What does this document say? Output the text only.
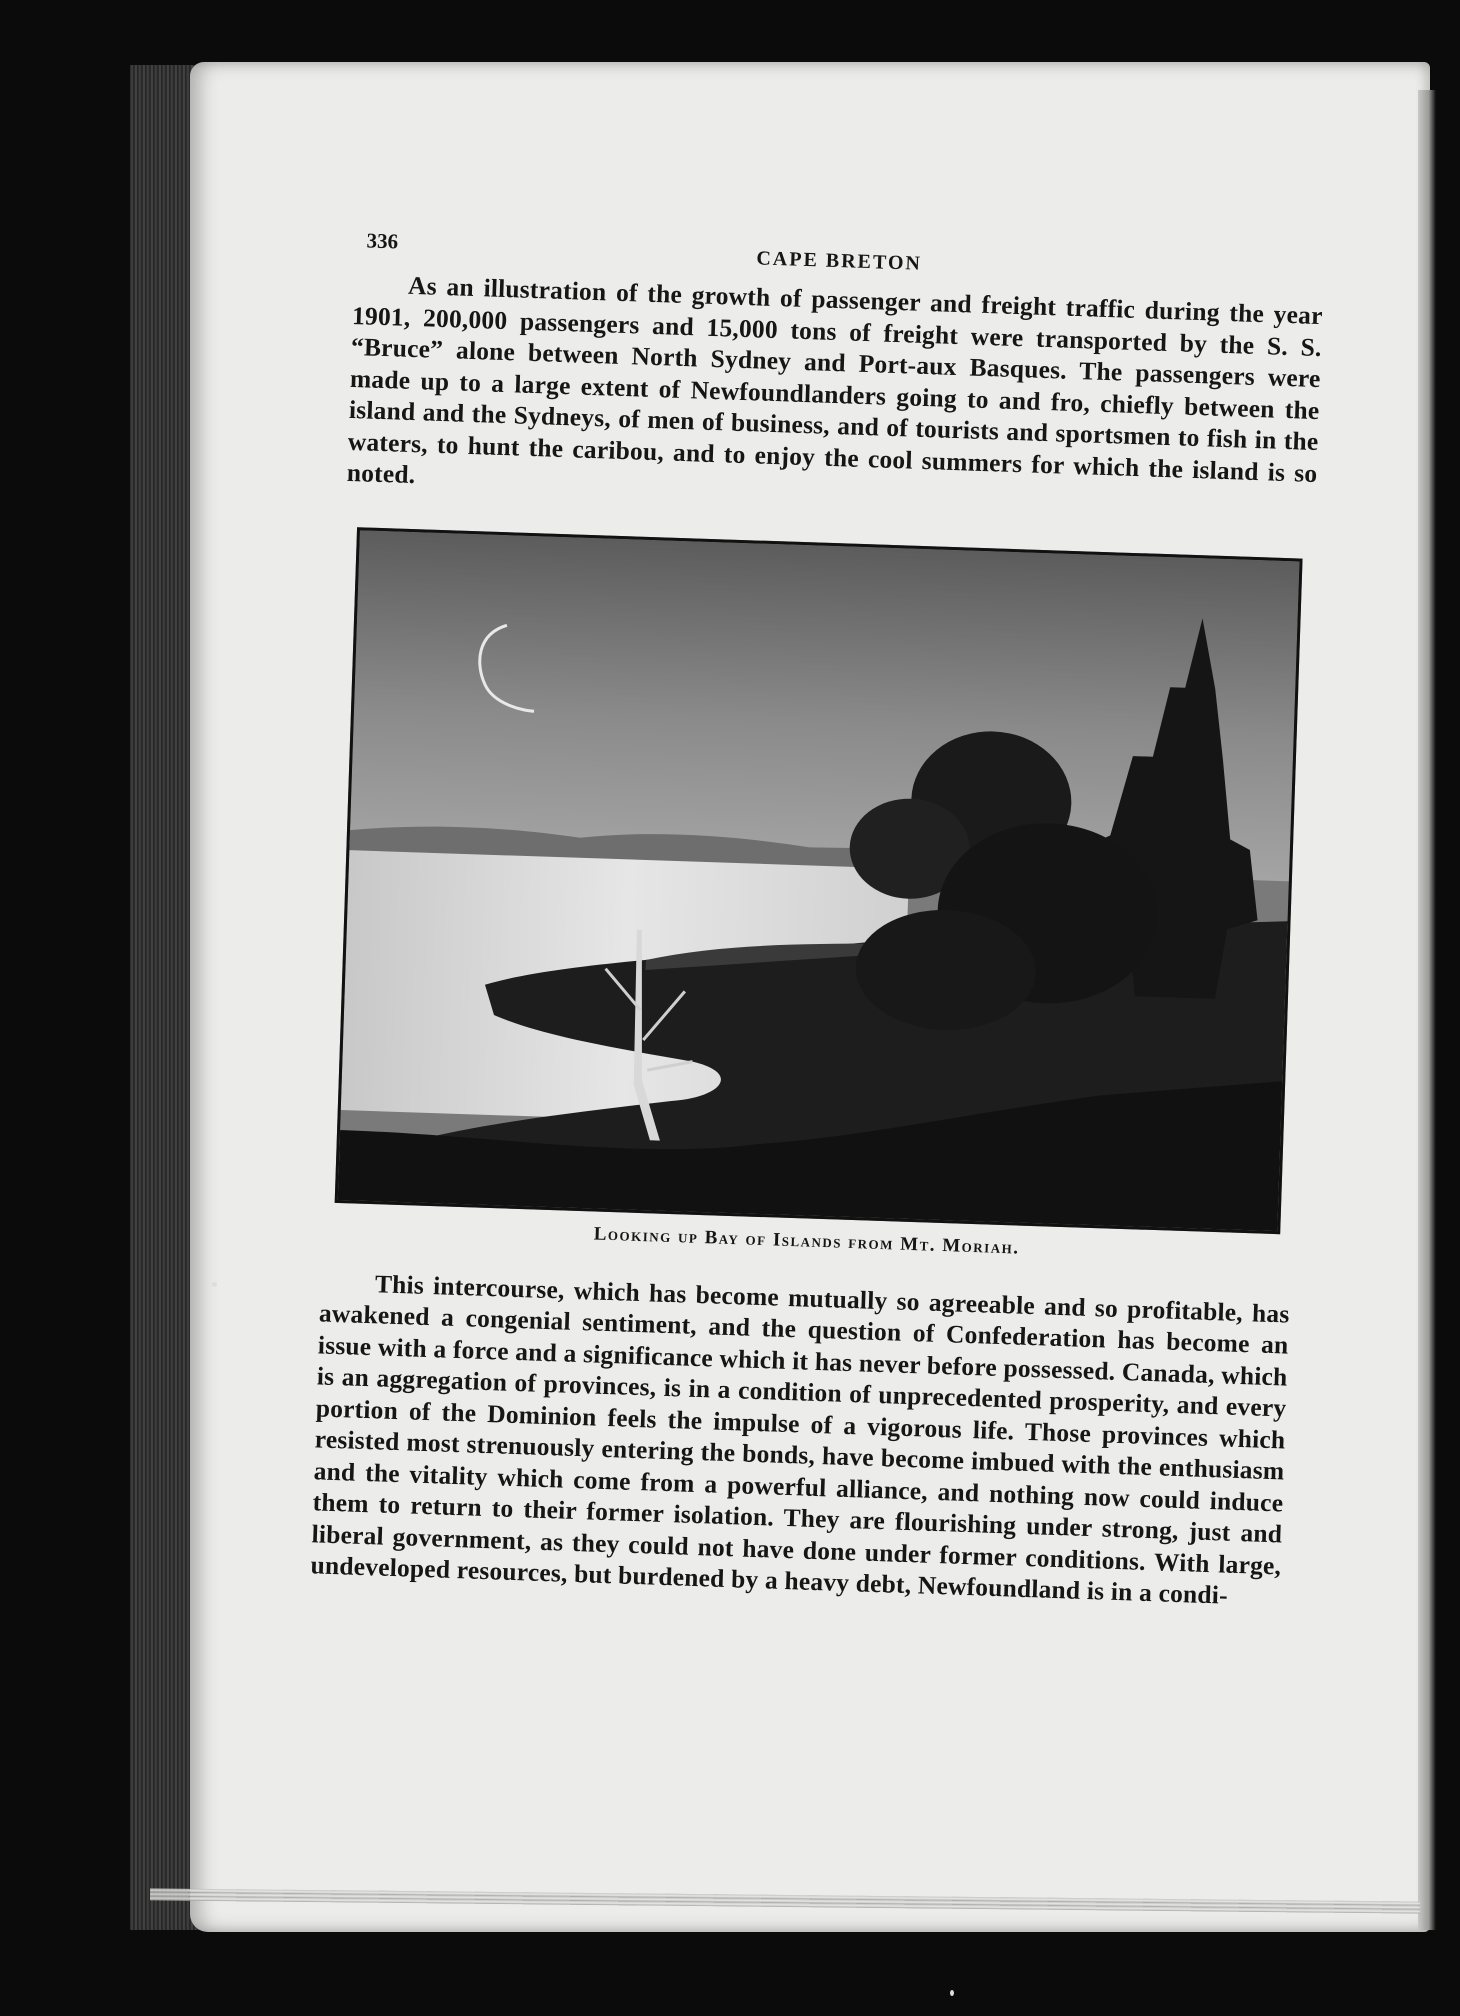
336
CAPE BRETON

As an illustration of the growth of passenger and freight traffic during the year 1901, 200,000 passengers and 15,000 tons of freight were transported by the S. S. “Bruce” alone between North Sydney and Port-aux Basques. The passengers were made up to a large extent of Newfoundlanders going to and fro, chiefly between the island and the Sydneys, of men of business, and of tourists and sportsmen to fish in the waters, to hunt the caribou, and to enjoy the cool summers for which the island is so noted.

Looking up Bay of Islands from Mt. Moriah.

This intercourse, which has become mutually so agreeable and so profitable, has awakened a congenial sentiment, and the question of Confederation has become an issue with a force and a significance which it has never before possessed. Canada, which is an aggregation of provinces, is in a condition of unprecedented prosperity, and every portion of the Dominion feels the impulse of a vigorous life. Those provinces which resisted most strenuously entering the bonds, have become imbued with the enthusiasm and the vitality which come from a powerful alliance, and nothing now could induce them to return to their former isolation. They are flourishing under strong, just and liberal government, as they could not have done under former conditions. With large, undeveloped resources, but burdened by a heavy debt, Newfoundland is in a condi-
